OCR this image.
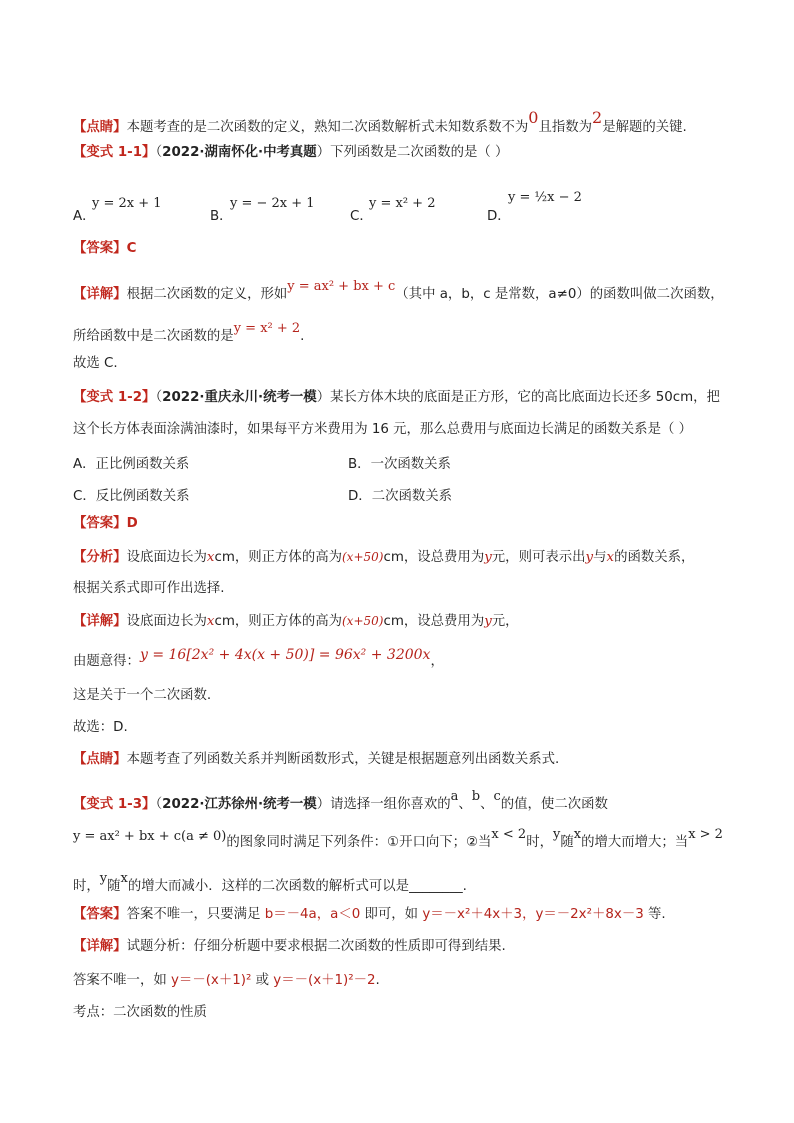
【点睛】本题考查的是二次函数的定义，熟知二次函数解析式未知数系数不为0且指数为2是解题的关键.
【变式 1-1】（2022·湖南怀化·中考真题）下列函数是二次函数的是（ ）
A．
y = 2x + 1
B．
y = − 2x + 1
C．
y = x² + 2
D．
y = ½x − 2
【答案】C
【详解】根据二次函数的定义，形如y = ax² + bx + c（其中 a，b，c 是常数，a≠0）的函数叫做二次函数，
所给函数中是二次函数的是y = x² + 2.
故选 C.
【变式 1-2】（2022·重庆永川·统考一模）某长方体木块的底面是正方形，它的高比底面边长还多 50cm，把
这个长方体表面涂满油漆时，如果每平方米费用为 16 元，那么总费用与底面边长满足的函数关系是（ ）
A．正比例函数关系	B．一次函数关系
C．反比例函数关系	D．二次函数关系
【答案】D
【分析】设底面边长为xcm，则正方体的高为(x+50)cm，设总费用为y元，则可表示出y与x的函数关系，
根据关系式即可作出选择.
【详解】设底面边长为xcm，则正方体的高为(x+50)cm，设总费用为y元，
由题意得：y = 16[2x² + 4x(x + 50)] = 96x² + 3200x，
这是关于一个二次函数.
故选：D.
【点睛】本题考查了列函数关系并判断函数形式，关键是根据题意列出函数关系式.
【变式 1-3】（2022·江苏徐州·统考一模）请选择一组你喜欢的a、b、c的值，使二次函数
y = ax² + bx + c(a ≠ 0)的图象同时满足下列条件：①开口向下；②当x < 2时，y随x的增大而增大；当x > 2
时，y随x的增大而减小．这样的二次函数的解析式可以是________.
【答案】答案不唯一，只要满足 b＝－4a，a＜0 即可，如 y＝－x²＋4x＋3，y＝－2x²＋8x－3 等.
【详解】试题分析：仔细分析题中要求根据二次函数的性质即可得到结果.
答案不唯一，如 y＝－(x＋1)² 或 y＝－(x＋1)²－2.
考点：二次函数的性质
